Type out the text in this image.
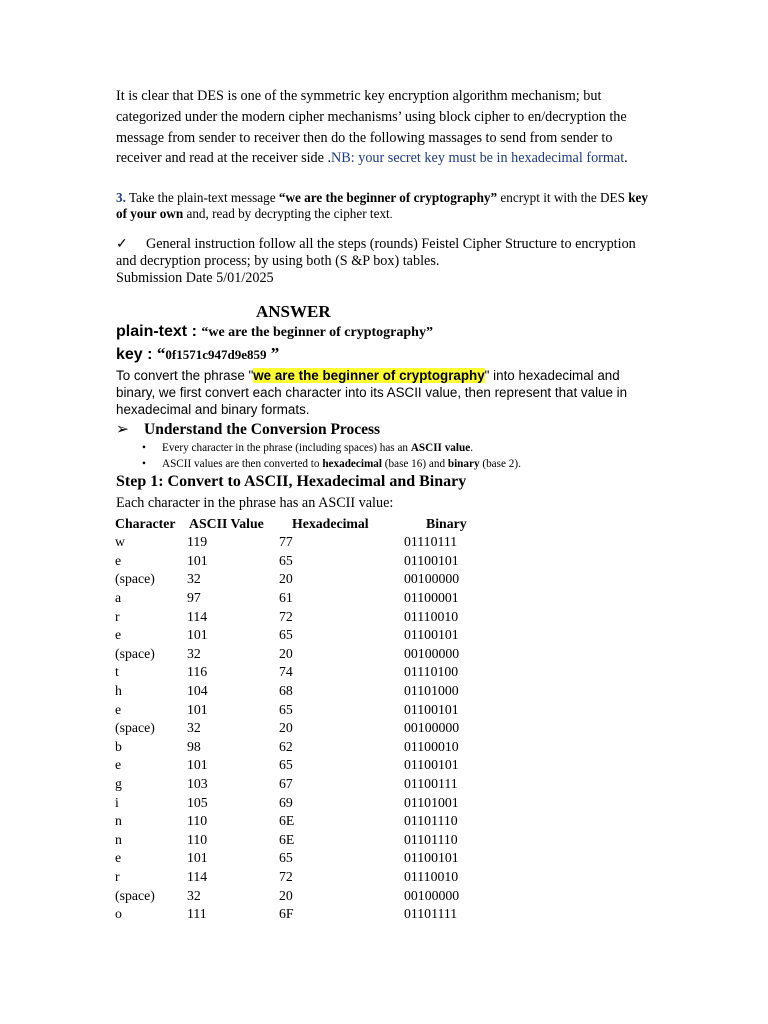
It is clear that DES is one of the symmetric key encryption algorithm mechanism; but categorized under the modern cipher mechanisms’ using block cipher to en/decryption the message from sender to receiver then do the following massages to send from sender to receiver and read at the receiver side .NB: your secret key must be in hexadecimal format.
3. Take the plain-text message “we are the beginner of cryptography” encrypt it with the DES key of your own and, read by decrypting the cipher text.
✓ General instruction follow all the steps (rounds) Feistel Cipher Structure to encryption and decryption process; by using both (S &P box) tables.
Submission Date 5/01/2025
ANSWER
plain-text : “we are the beginner of cryptography”
key : “0f1571c947d9e859 ”
To convert the phrase "we are the beginner of cryptography" into hexadecimal and binary, we first convert each character into its ASCII value, then represent that value in hexadecimal and binary formats.
➢ Understand the Conversion Process
• Every character in the phrase (including spaces) has an ASCII value.
• ASCII values are then converted to hexadecimal (base 16) and binary (base 2).
Step 1: Convert to ASCII, Hexadecimal and Binary
Each character in the phrase has an ASCII value:
Character	ASCII Value	Hexadecimal	Binary
w	119	77	01110111
e	101	65	01100101
(space)	32	20	00100000
a	97	61	01100001
r	114	72	01110010
e	101	65	01100101
(space)	32	20	00100000
t	116	74	01110100
h	104	68	01101000
e	101	65	01100101
(space)	32	20	00100000
b	98	62	01100010
e	101	65	01100101
g	103	67	01100111
i	105	69	01101001
n	110	6E	01101110
n	110	6E	01101110
e	101	65	01100101
r	114	72	01110010
(space)	32	20	00100000
o	111	6F	01101111
